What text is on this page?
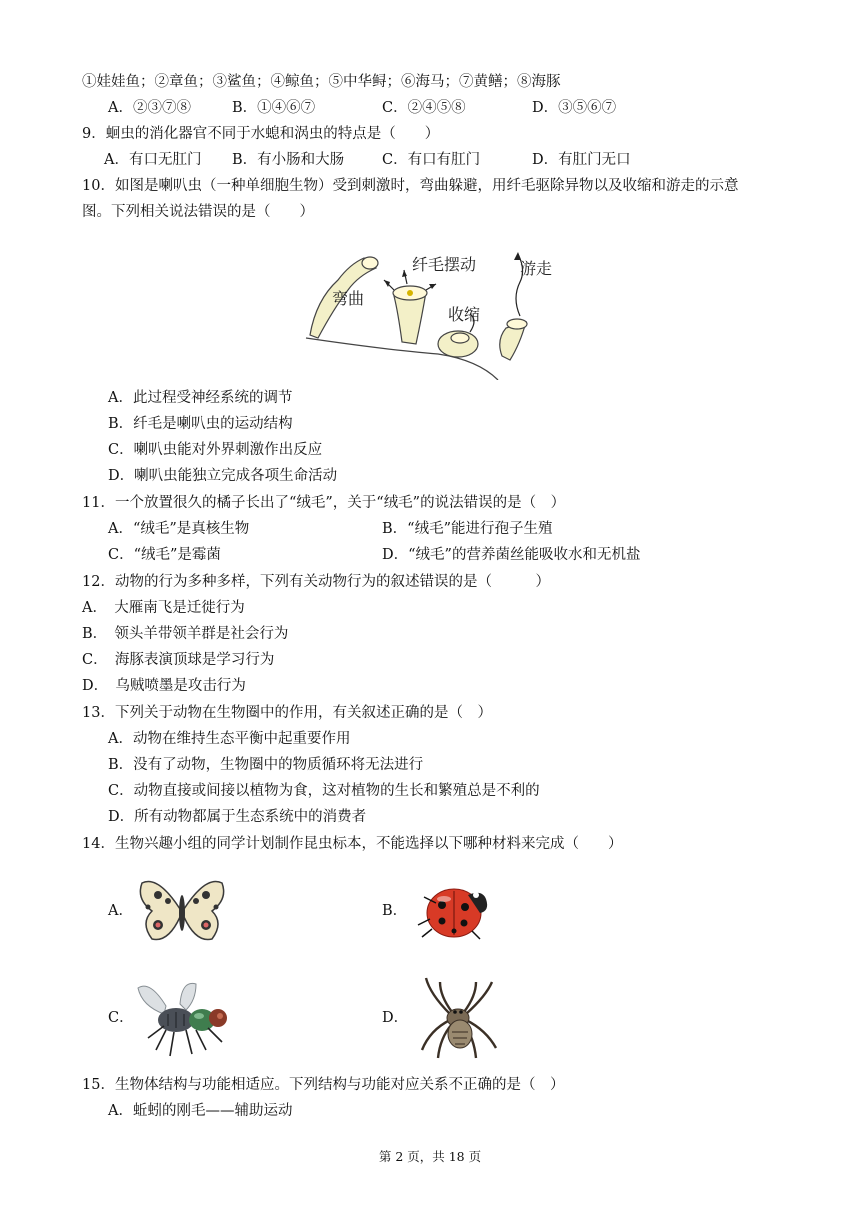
①娃娃鱼；②章鱼；③鲨鱼；④鲸鱼；⑤中华鲟；⑥海马；⑦黄鳝；⑧海豚
A．②③⑦⑧	B．①④⑥⑦	C．②④⑤⑧	D．③⑤⑥⑦
9．蛔虫的消化器官不同于水螅和涡虫的特点是（　　）
A．有口无肛门 B．有小肠和大肠	C．有口有肛门	D．有肛门无口
10．如图是喇叭虫（一种单细胞生物）受到刺激时，弯曲躲避，用纤毛驱除异物以及收缩和游走的示意
图。下列相关说法错误的是（　　）
弯曲
纤毛摆动
收缩
游走
A．此过程受神经系统的调节
B．纤毛是喇叭虫的运动结构
C．喇叭虫能对外界刺激作出反应
D．喇叭虫能独立完成各项生命活动
11．一个放置很久的橘子长出了“绒毛”，关于“绒毛”的说法错误的是（　）
A．“绒毛”是真核生物	B．“绒毛”能进行孢子生殖
C．“绒毛”是霉菌	D．“绒毛”的营养菌丝能吸收水和无机盐
12．动物的行为多种多样，下列有关动物行为的叙述错误的是（　　　）
A．　大雁南飞是迁徙行为
B．　领头羊带领羊群是社会行为
C．　海豚表演顶球是学习行为
D．　乌贼喷墨是攻击行为
13．下列关于动物在生物圈中的作用，有关叙述正确的是（　）
A．动物在维持生态平衡中起重要作用
B．没有了动物，生物圈中的物质循环将无法进行
C．动物直接或间接以植物为食，这对植物的生长和繁殖总是不利的
D．所有动物都属于生态系统中的消费者
14．生物兴趣小组的同学计划制作昆虫标本，不能选择以下哪种材料来完成（　　）
A．	B．
C．	D．
15．生物体结构与功能相适应。下列结构与功能对应关系不正确的是（　）
A．蚯蚓的刚毛——辅助运动
第 2 页，共 18 页
